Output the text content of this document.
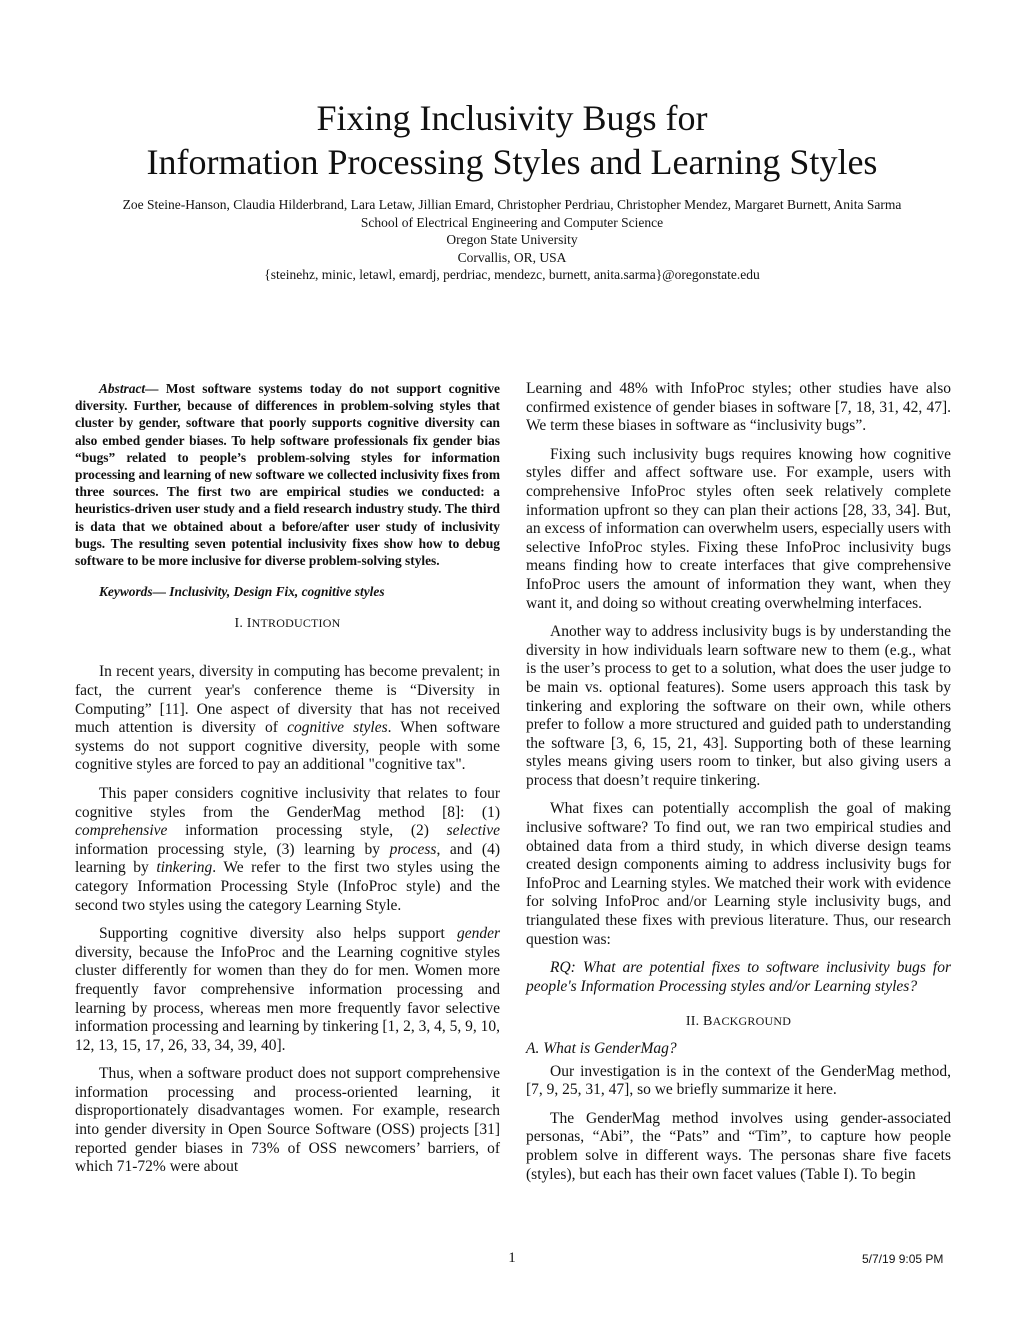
Fixing Inclusivity Bugs for
Information Processing Styles and Learning Styles
Zoe Steine-Hanson, Claudia Hilderbrand, Lara Letaw, Jillian Emard, Christopher Perdriau, Christopher Mendez, Margaret Burnett, Anita Sarma
School of Electrical Engineering and Computer Science
Oregon State University
Corvallis, OR, USA
{steinehz, minic, letawl, emardj, perdriac, mendezc, burnett, anita.sarma}@oregonstate.edu

Abstract— Most software systems today do not support cognitive diversity. Further, because of differences in problem-solving styles that cluster by gender, software that poorly supports cognitive diversity can also embed gender biases. To help software professionals fix gender bias “bugs” related to people’s problem-solving styles for information processing and learning of new software we collected inclusivity fixes from three sources. The first two are empirical studies we conducted: a heuristics-driven user study and a field research industry study. The third is data that we obtained about a before/after user study of inclusivity bugs. The resulting seven potential inclusivity fixes show how to debug software to be more inclusive for diverse problem-solving styles.

Keywords— Inclusivity, Design Fix, cognitive styles

I. INTRODUCTION

In recent years, diversity in computing has become prevalent; in fact, the current year's conference theme is “Diversity in Computing” [11]. One aspect of diversity that has not received much attention is diversity of cognitive styles. When software systems do not support cognitive diversity, people with some cognitive styles are forced to pay an additional "cognitive tax".

This paper considers cognitive inclusivity that relates to four cognitive styles from the GenderMag method [8]: (1) comprehensive information processing style, (2) selective information processing style, (3) learning by process, and (4) learning by tinkering. We refer to the first two styles using the category Information Processing Style (InfoProc style) and the second two styles using the category Learning Style.

Supporting cognitive diversity also helps support gender diversity, because the InfoProc and the Learning cognitive styles cluster differently for women than they do for men. Women more frequently favor comprehensive information processing and learning by process, whereas men more frequently favor selective information processing and learning by tinkering [1, 2, 3, 4, 5, 9, 10, 12, 13, 15, 17, 26, 33, 34, 39, 40].

Thus, when a software product does not support comprehensive information processing and process-oriented learning, it disproportionately disadvantages women. For example, research into gender diversity in Open Source Software (OSS) projects [31] reported gender biases in 73% of OSS newcomers’ barriers, of which 71-72% were about

Learning and 48% with InfoProc styles; other studies have also confirmed existence of gender biases in software [7, 18, 31, 42, 47]. We term these biases in software as “inclusivity bugs”.

Fixing such inclusivity bugs requires knowing how cognitive styles differ and affect software use. For example, users with comprehensive InfoProc styles often seek relatively complete information upfront so they can plan their actions [28, 33, 34]. But, an excess of information can overwhelm users, especially users with selective InfoProc styles. Fixing these InfoProc inclusivity bugs means finding how to create interfaces that give comprehensive InfoProc users the amount of information they want, when they want it, and doing so without creating overwhelming interfaces.

Another way to address inclusivity bugs is by understanding the diversity in how individuals learn software new to them (e.g., what is the user’s process to get to a solution, what does the user judge to be main vs. optional features). Some users approach this task by tinkering and exploring the software on their own, while others prefer to follow a more structured and guided path to understanding the software [3, 6, 15, 21, 43]. Supporting both of these learning styles means giving users room to tinker, but also giving users a process that doesn’t require tinkering.

What fixes can potentially accomplish the goal of making inclusive software? To find out, we ran two empirical studies and obtained data from a third study, in which diverse design teams created design components aiming to address inclusivity bugs for InfoProc and Learning styles. We matched their work with evidence for solving InfoProc and/or Learning style inclusivity bugs, and triangulated these fixes with previous literature. Thus, our research question was:

RQ: What are potential fixes to software inclusivity bugs for people's Information Processing styles and/or Learning styles?

II. BACKGROUND
A. What is GenderMag?

Our investigation is in the context of the GenderMag method, [7, 9, 25, 31, 47], so we briefly summarize it here.

The GenderMag method involves using gender-associated personas, “Abi”, the “Pats” and “Tim”, to capture how people problem solve in different ways. The personas share five facets (styles), but each has their own facet values (Table I). To begin

1	5/7/19 9:05 PM
